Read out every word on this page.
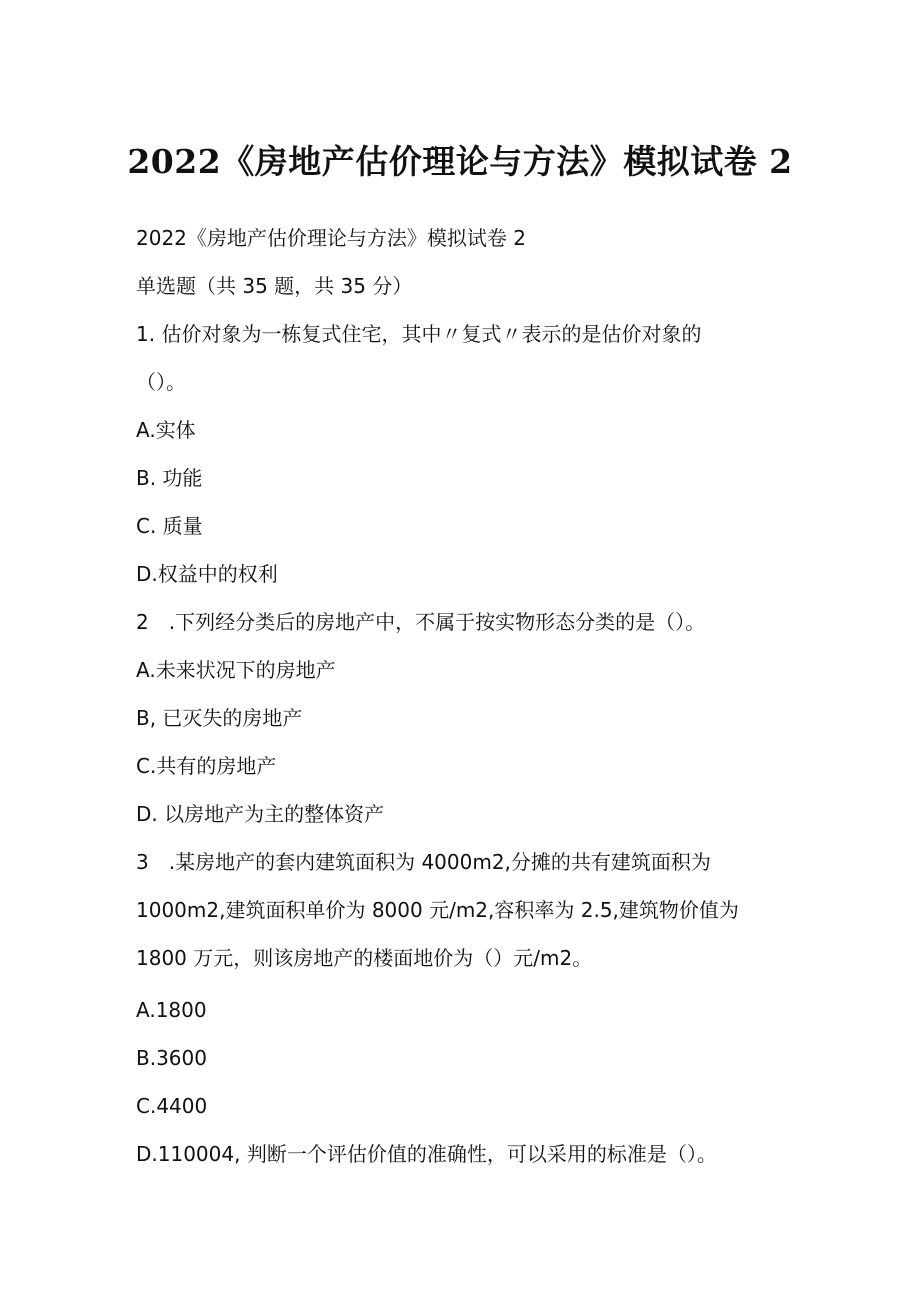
2022《房地产估价理论与方法》模拟试卷 2
2022《房地产估价理论与方法》模拟试卷 2
单选题（共 35 题，共 35 分）
1. 估价对象为一栋复式住宅，其中〃复式〃表示的是估价对象的
（）。
A.实体
B. 功能
C. 质量
D.权益中的权利
2　.下列经分类后的房地产中，不属于按实物形态分类的是（）。
A.未来状况下的房地产
B, 已灭失的房地产
C.共有的房地产
D. 以房地产为主的整体资产
3　.某房地产的套内建筑面积为 4000m2,分摊的共有建筑面积为
1000m2,建筑面积单价为 8000 元/m2,容积率为 2.5,建筑物价值为
1800 万元，则该房地产的楼面地价为（）元/m2。
A.1800
B.3600
C.4400
D.110004, 判断一个评估价值的准确性，可以采用的标准是（）。
